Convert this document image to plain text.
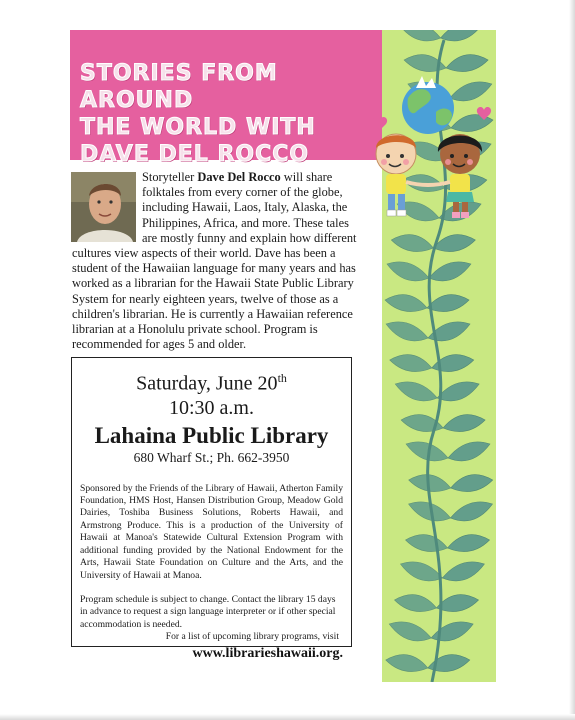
STORIES FROM AROUND
THE WORLD WITH
DAVE DEL ROCCO
Storyteller Dave Del Rocco will share folktales from every corner of the globe, including Hawaii, Laos, Italy, Alaska, the Philippines, Africa, and more. These tales are mostly funny and explain how different cultures view aspects of their world. Dave has been a student of the Hawaiian language for many years and has worked as a librarian for the Hawaii State Public Library System for nearly eighteen years, twelve of those as a children's librarian. He is currently a Hawaiian reference librarian at a Honolulu private school. Program is recommended for ages 5 and older.
Saturday, June 20th
10:30 a.m.
Lahaina Public Library
680 Wharf St.; Ph. 662-3950
Sponsored by the Friends of the Library of Hawaii, Atherton Family Foundation, HMS Host, Hansen Distribution Group, Meadow Gold Dairies, Toshiba Business Solutions, Roberts Hawaii, and Armstrong Produce. This is a production of the University of Hawaii at Manoa's Statewide Cultural Extension Program with additional funding provided by the National Endowment for the Arts, Hawaii State Foundation on Culture and the Arts, and the University of Hawaii at Manoa.
Program schedule is subject to change. Contact the library 15 days in advance to request a sign language interpreter or if other special accommodation is needed.
For a list of upcoming library programs, visit
www.librarieshawaii.org.
